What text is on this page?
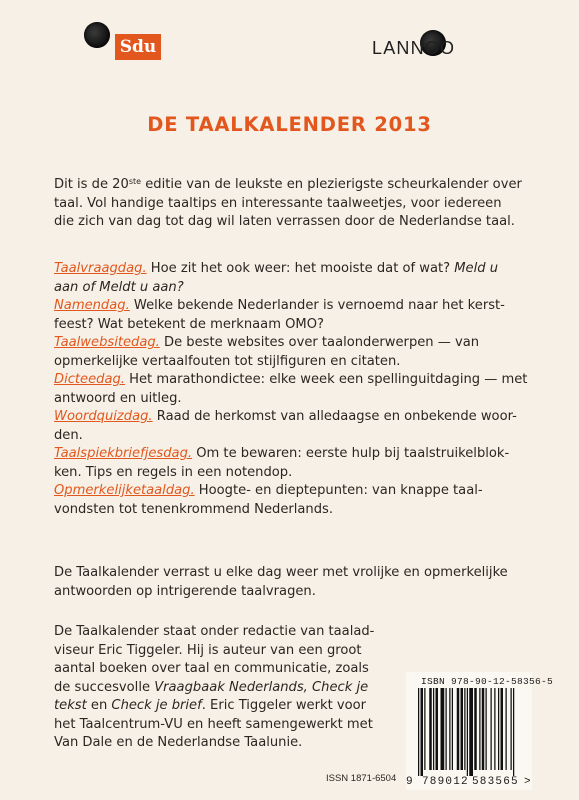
Sdu	LANNOO
DE TAALKALENDER 2013
Dit is de 20ste editie van de leukste en plezierigste scheurkalender over
taal. Vol handige taaltips en interessante taalweetjes, voor iedereen
die zich van dag tot dag wil laten verrassen door de Nederlandse taal.
Taalvraagdag. Hoe zit het ook weer: het mooiste dat of wat? Meld u
aan of Meldt u aan?
Namendag. Welke bekende Nederlander is vernoemd naar het kerst-
feest? Wat betekent de merknaam OMO?
Taalwebsitedag. De beste websites over taalonderwerpen — van
opmerkelijke vertaalfouten tot stijlfiguren en citaten.
Dicteedag. Het marathondictee: elke week een spellinguitdaging — met
antwoord en uitleg.
Woordquizdag. Raad de herkomst van alledaagse en onbekende woor-
den.
Taalspiekbriefjesdag. Om te bewaren: eerste hulp bij taalstruikelblok-
ken. Tips en regels in een notendop.
Opmerkelijketaaldag. Hoogte- en dieptepunten: van knappe taal-
vondsten tot tenenkrommend Nederlands.
De Taalkalender verrast u elke dag weer met vrolijke en opmerkelijke
antwoorden op intrigerende taalvragen.
De Taalkalender staat onder redactie van taalad-
viseur Eric Tiggeler. Hij is auteur van een groot
aantal boeken over taal en communicatie, zoals
de succesvolle Vraagbaak Nederlands, Check je
tekst en Check je brief. Eric Tiggeler werkt voor
het Taalcentrum-VU en heeft samengewerkt met
Van Dale en de Nederlandse Taalunie.
ISSN 1871-6504
ISBN 978-90-12-58356-5
9 789012 583565 >
